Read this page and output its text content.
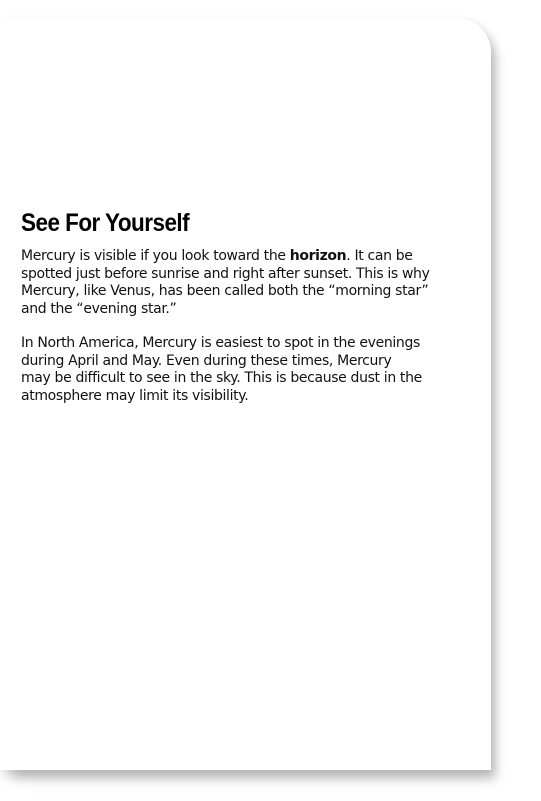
See For Yourself

Mercury is visible if you look toward the horizon. It can be
spotted just before sunrise and right after sunset. This is why
Mercury, like Venus, has been called both the “morning star”
and the “evening star.”

In North America, Mercury is easiest to spot in the evenings
during April and May. Even during these times, Mercury
may be difficult to see in the sky. This is because dust in the
atmosphere may limit its visibility.
